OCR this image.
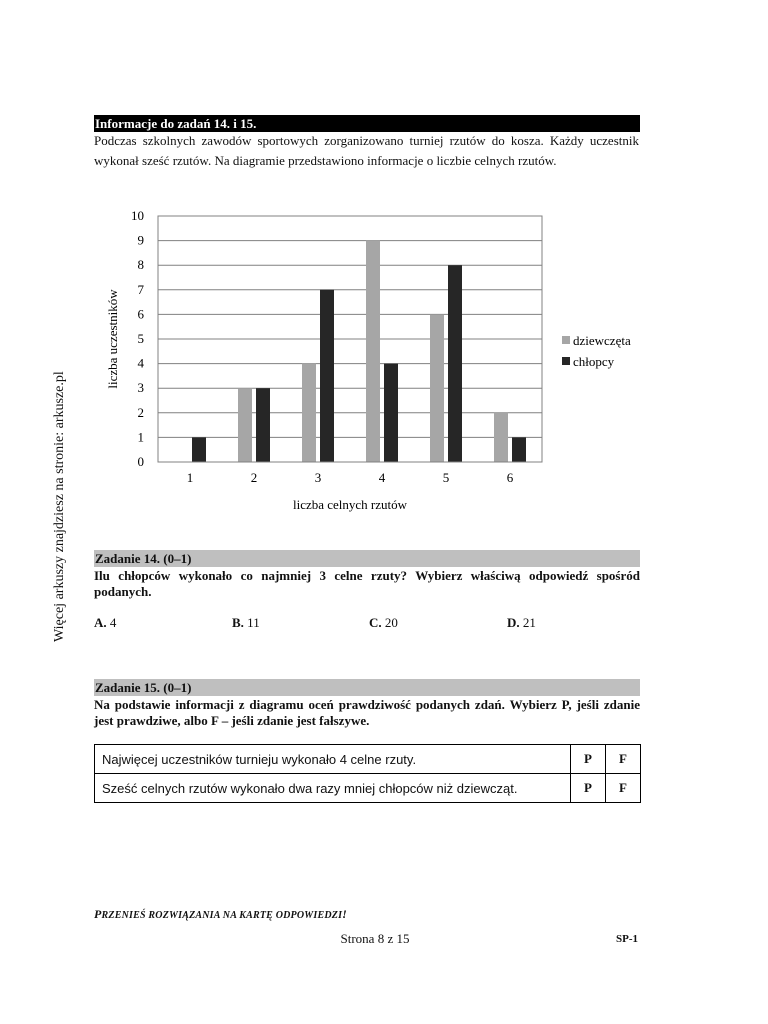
Więcej arkuszy znajdziesz na stronie: arkusze.pl
Informacje do zadań 14. i 15.
Podczas szkolnych zawodów sportowych zorganizowano turniej rzutów do kosza. Każdy uczestnik wykonał sześć rzutów. Na diagramie przedstawiono informacje o liczbie celnych rzutów.
0
1
2
3
4
5
6
7
8
9
10
1	2	3	4	5	6
liczba celnych rzutów
liczba uczestników	dziewczęta
chłopcy
Zadanie 14. (0–1)
Ilu chłopców wykonało co najmniej 3 celne rzuty? Wybierz właściwą odpowiedź spośród podanych.
A. 4	B. 11	C. 20	D. 21
Zadanie 15. (0–1)
Na podstawie informacji z diagramu oceń prawdziwość podanych zdań. Wybierz P, jeśli zdanie jest prawdziwe, albo F – jeśli zdanie jest fałszywe.
Najwięcej uczestników turnieju wykonało 4 celne rzuty.	P	F
Sześć celnych rzutów wykonało dwa razy mniej chłopców niż dziewcząt.	P	F
PRZENIEŚ ROZWIĄZANIA NA KARTĘ ODPOWIEDZI!
Strona 8 z 15	SP-1
